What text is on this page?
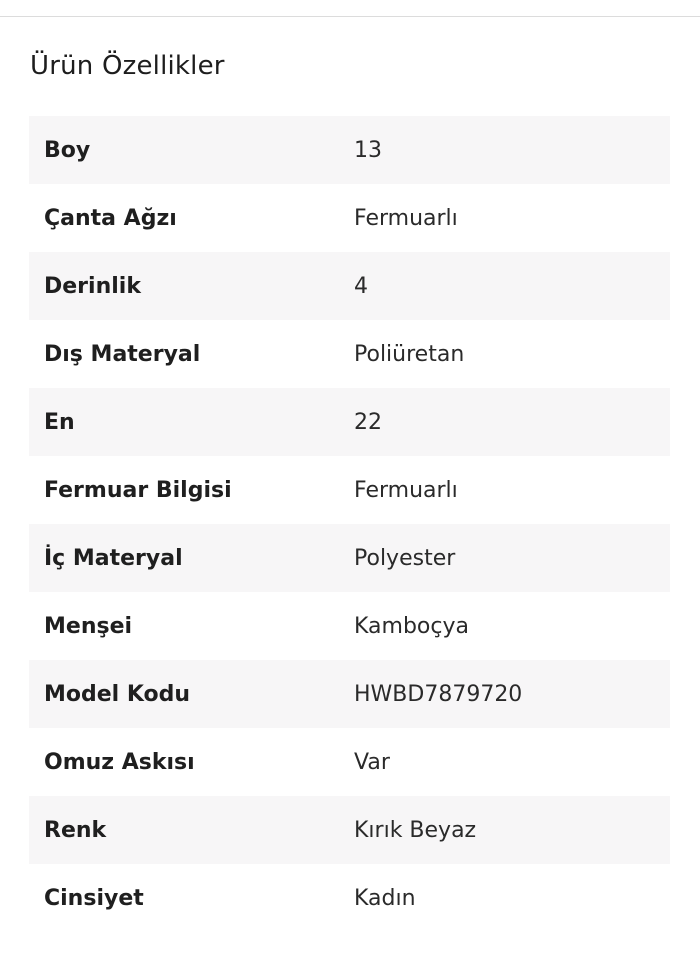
Ürün Özellikler
Boy	13
Çanta Ağzı	Fermuarlı
Derinlik	4
Dış Materyal	Poliüretan
En	22
Fermuar Bilgisi	Fermuarlı
İç Materyal	Polyester
Menşei	Kamboçya
Model Kodu	HWBD7879720
Omuz Askısı	Var
Renk	Kırık Beyaz
Cinsiyet	Kadın
